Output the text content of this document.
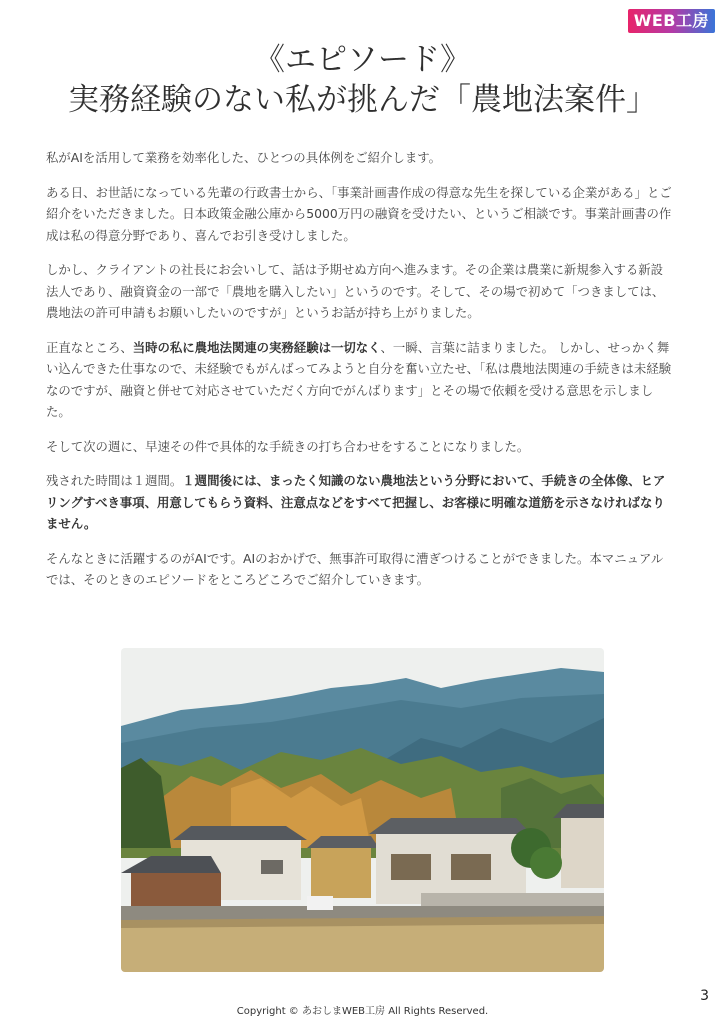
WEB工房
《エピソード》
実務経験のない私が挑んだ「農地法案件」

私がAIを活用して業務を効率化した、ひとつの具体例をご紹介します。

ある日、お世話になっている先輩の行政書士から、「事業計画書作成の得意な先生を探している企業がある」とご紹介をいただきました。日本政策金融公庫から5000万円の融資を受けたい、というご相談です。事業計画書の作成は私の得意分野であり、喜んでお引き受けしました。

しかし、クライアントの社長にお会いして、話は予期せぬ方向へ進みます。その企業は農業に新規参入する新設法人であり、融資資金の一部で「農地を購入したい」というのです。そして、その場で初めて「つきましては、農地法の許可申請もお願いしたいのですが」というお話が持ち上がりました。

正直なところ、当時の私に農地法関連の実務経験は一切なく、一瞬、言葉に詰まりました。 しかし、せっかく舞い込んできた仕事なので、未経験でもがんばってみようと自分を奮い立たせ、「私は農地法関連の手続きは未経験なのですが、融資と併せて対応させていただく方向でがんばります」とその場で依頼を受ける意思を示しました。

そして次の週に、早速その件で具体的な手続きの打ち合わせをすることになりました。

残された時間は１週間。１週間後には、まったく知識のない農地法という分野において、手続きの全体像、ヒアリングすべき事項、用意してもらう資料、注意点などをすべて把握し、お客様に明確な道筋を示さなければなりません。

そんなときに活躍するのがAIです。AIのおかげで、無事許可取得に漕ぎつけることができました。本マニュアルでは、そのときのエピソードをところどころでご紹介していきます。

Copyright © あおしまWEB工房 All Rights Reserved.
3
